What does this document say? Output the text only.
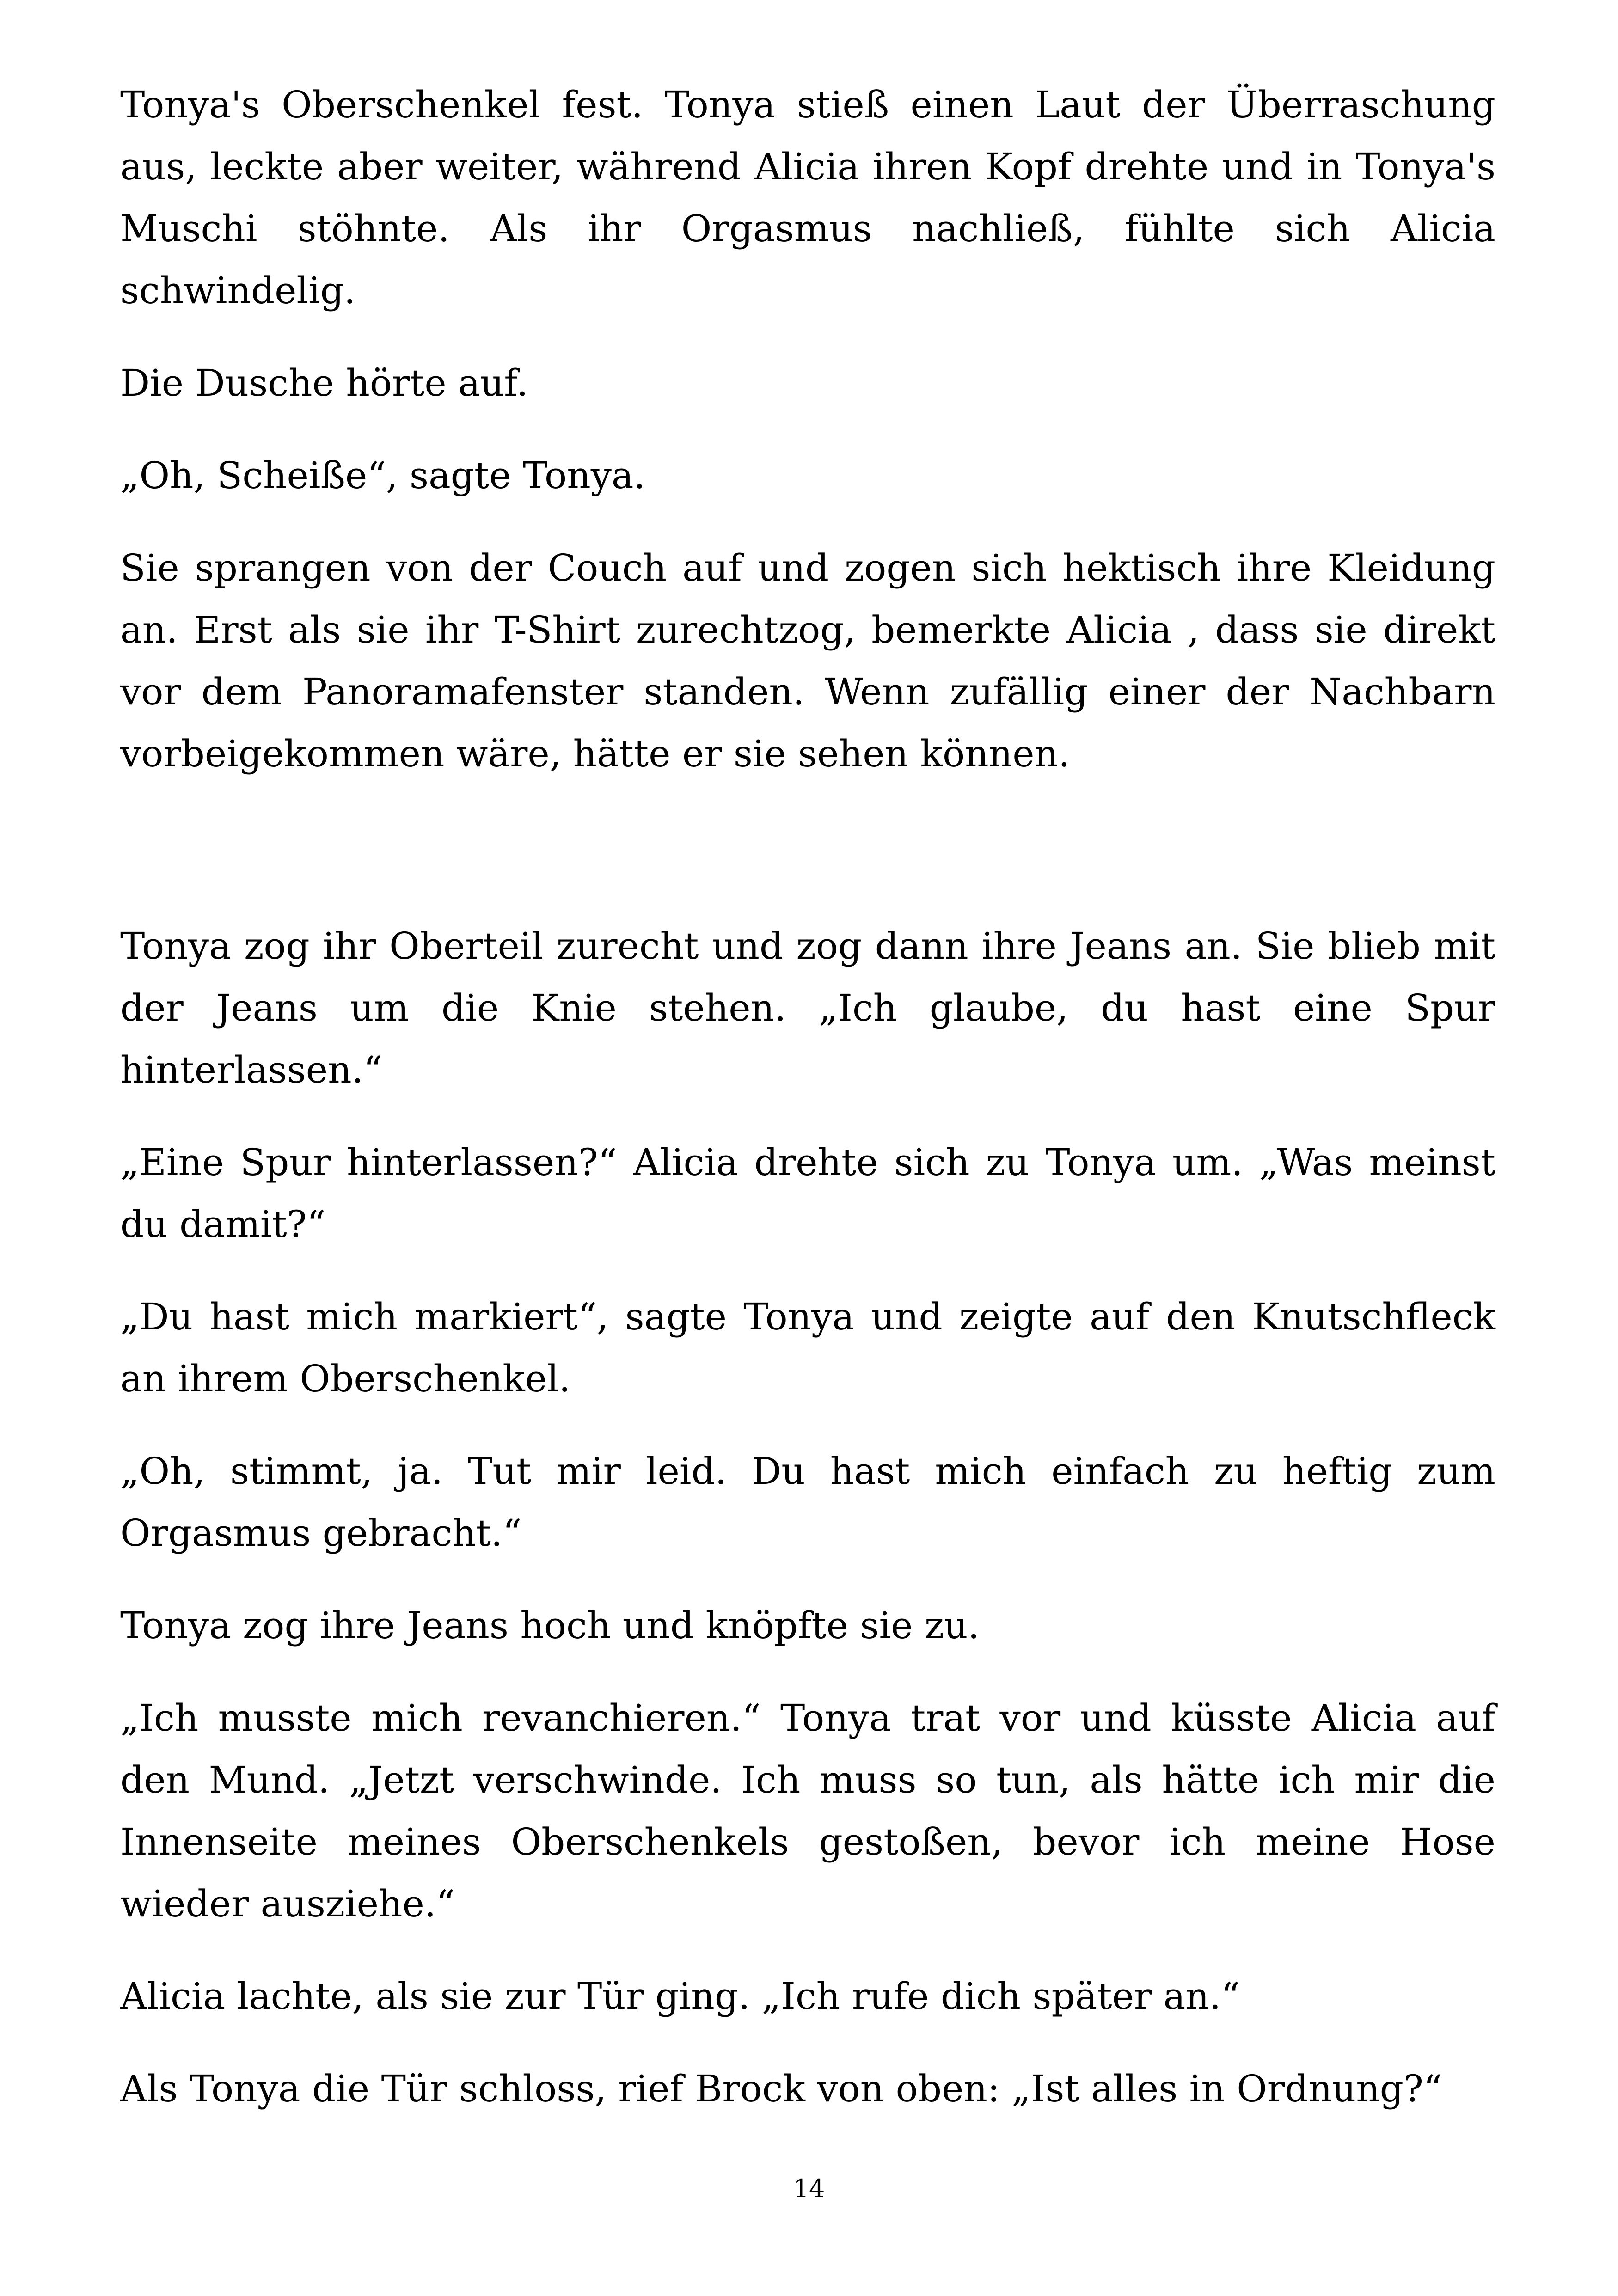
Tonya's Oberschenkel fest. Tonya stieß einen Laut der Überraschung aus, leckte aber weiter, während Alicia ihren Kopf drehte und in Tonya's Muschi stöhnte. Als ihr Orgasmus nachließ, fühlte sich Alicia schwindelig.

Die Dusche hörte auf.

„Oh, Scheiße“, sagte Tonya.

Sie sprangen von der Couch auf und zogen sich hektisch ihre Kleidung an. Erst als sie ihr T-Shirt zurechtzog, bemerkte Alicia , dass sie direkt vor dem Panoramafenster standen. Wenn zufällig einer der Nachbarn vorbeigekommen wäre, hätte er sie sehen können.

Tonya zog ihr Oberteil zurecht und zog dann ihre Jeans an. Sie blieb mit der Jeans um die Knie stehen. „Ich glaube, du hast eine Spur hinterlassen.“

„Eine Spur hinterlassen?“ Alicia drehte sich zu Tonya um. „Was meinst du damit?“

„Du hast mich markiert“, sagte Tonya und zeigte auf den Knutschfleck an ihrem Oberschenkel.

„Oh, stimmt, ja. Tut mir leid. Du hast mich einfach zu heftig zum Orgasmus gebracht.“

Tonya zog ihre Jeans hoch und knöpfte sie zu.

„Ich musste mich revanchieren.“ Tonya trat vor und küsste Alicia auf den Mund. „Jetzt verschwinde. Ich muss so tun, als hätte ich mir die Innenseite meines Oberschenkels gestoßen, bevor ich meine Hose wieder ausziehe.“

Alicia lachte, als sie zur Tür ging. „Ich rufe dich später an.“

Als Tonya die Tür schloss, rief Brock von oben: „Ist alles in Ordnung?“

14
